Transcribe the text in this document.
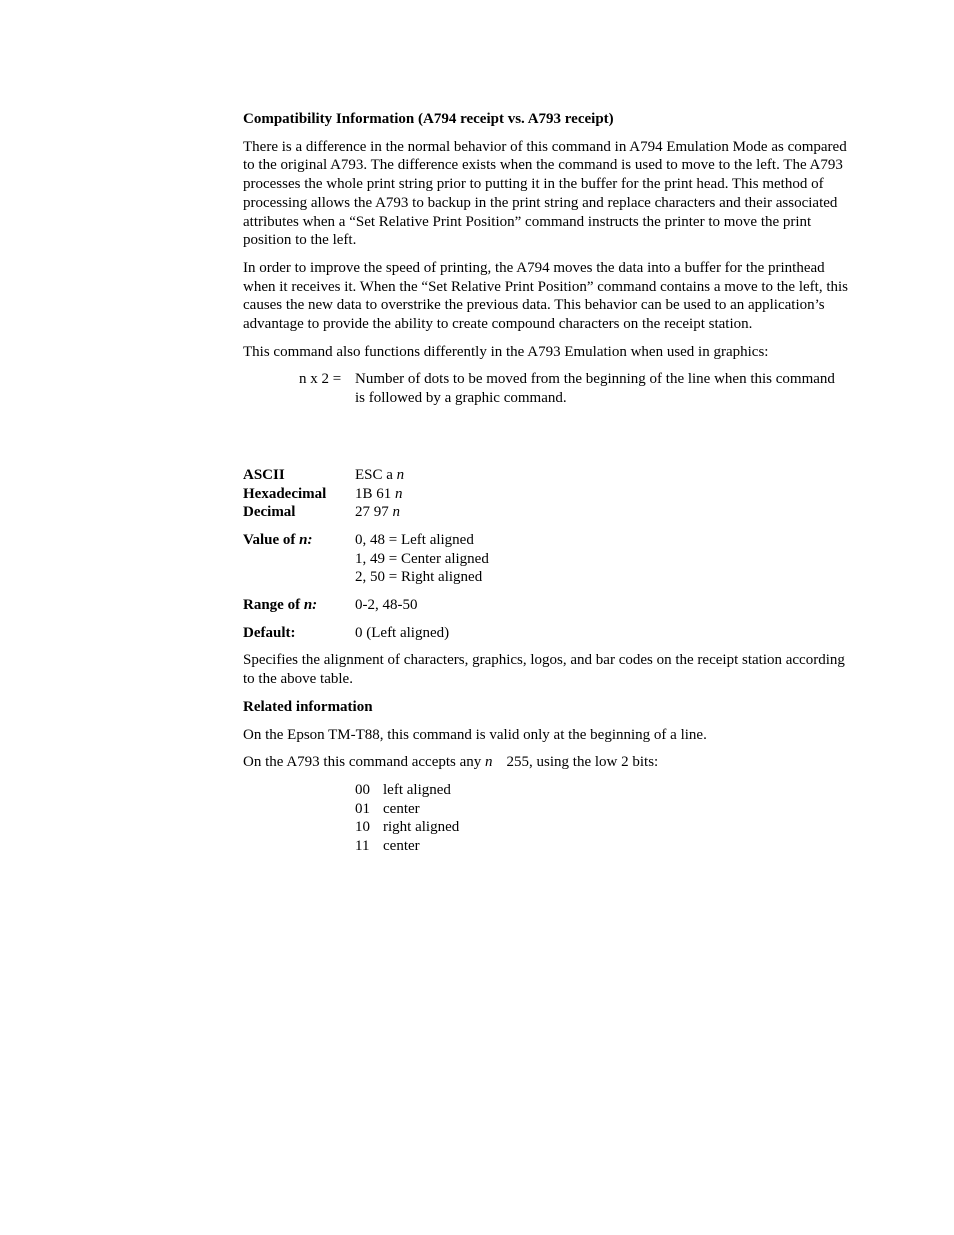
Compatibility Information (A794 receipt vs. A793 receipt)

There is a difference in the normal behavior of this command in A794 Emulation Mode as compared to the original A793. The difference exists when the command is used to move to the left. The A793 processes the whole print string prior to putting it in the buffer for the print head. This method of processing allows the A793 to backup in the print string and replace characters and their associated attributes when a “Set Relative Print Position” command instructs the printer to move the print position to the left.

In order to improve the speed of printing, the A794 moves the data into a buffer for the printhead when it receives it. When the “Set Relative Print Position” command contains a move to the left, this causes the new data to overstrike the previous data. This behavior can be used to an application’s advantage to provide the ability to create compound characters on the receipt station.

This command also functions differently in the A793 Emulation when used in graphics:

n x 2 = Number of dots to be moved from the beginning of the line when this command is followed by a graphic command.
ASCII	ESC a n
Hexadecimal	1B 61 n
Decimal	27 97 n
Value of n:	0, 48 = Left aligned
1, 49 = Center aligned
2, 50 = Right aligned
Range of n:	0-2, 48-50
Default:	0 (Left aligned)

Specifies the alignment of characters, graphics, logos, and bar codes on the receipt station according to the above table.

Related information

On the Epson TM-T88, this command is valid only at the beginning of a line.

On the A793 this command accepts any n 255, using the low 2 bits:

00 left aligned
01 center
10 right aligned
11 center
